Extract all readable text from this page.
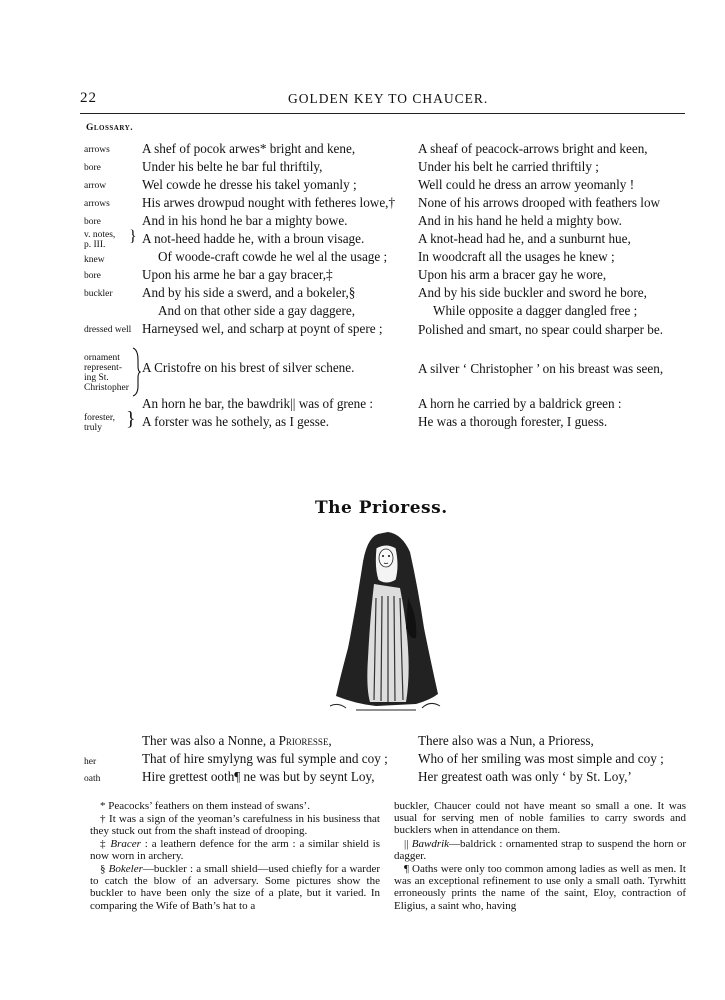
22	GOLDEN KEY TO CHAUCER.
Glossary.
arrows
bore
arrow
arrows
bore
v. notes,
p. III. }
knew
bore
buckler
dressed well
ornament
represent-
ing St.
Christopher
forester,
truly }
A shef of pocok arwes* bright and kene,
Under his belte he bar ful thriftily,
Wel cowde he dresse his takel yomanly ;
His arwes drowpud nought with fetheres lowe,†
And in his hond he bar a mighty bowe.
A not-heed hadde he, with a broun visage.
Of woode-craft cowde he wel al the usage ;
Upon his arme he bar a gay bracer,‡
And by his side a swerd, and a bokeler,§
And on that other side a gay daggere,
Harneysed wel, and scharp at poynt of spere ;
A Cristofre on his brest of silver schene.
An horn he bar, the bawdrik|| was of grene :
A forster was he sothely, as I gesse.
A sheaf of peacock-arrows bright and keen,
Under his belt he carried thriftily ;
Well could he dress an arrow yeomanly !
None of his arrows drooped with feathers low
And in his hand he held a mighty bow.
A knot-head had he, and a sunburnt hue,
In woodcraft all the usages he knew ;
Upon his arm a bracer gay he wore,
And by his side buckler and sword he bore,
While opposite a dagger dangled free ;
Polished and smart, no spear could sharper be.
A silver ‘ Christopher ’ on his breast was seen,
A horn he carried by a baldrick green :
He was a thorough forester, I guess.
The Prioress.
her
oath
Ther was also a Nonne, a Prioresse,
That of hire smylyng was ful symple and coy ;
Hire grettest ooth¶ ne was but by seynt Loy,
There also was a Nun, a Prioress,
Who of her smiling was most simple and coy ;
Her greatest oath was only ‘ by St. Loy,’
* Peacocks’ feathers on them instead of swans’.
† It was a sign of the yeoman’s carefulness in his business that they stuck out from the shaft instead of drooping.
‡ Bracer : a leathern defence for the arm : a similar shield is now worn in archery.
§ Bokeler—buckler : a small shield—used chiefly for a warder to catch the blow of an adversary. Some pictures show the buckler to have been only the size of a plate, but it varied. In comparing the Wife of Bath’s hat to a
buckler, Chaucer could not have meant so small a one. It was usual for serving men of noble families to carry swords and bucklers when in attendance on them.
|| Bawdrik—baldrick : ornamented strap to suspend the horn or dagger.
¶ Oaths were only too common among ladies as well as men. It was an exceptional refinement to use only a small oath. Tyrwhitt erroneously prints the name of the saint, Eloy, contraction of Eligius, a saint who, having
